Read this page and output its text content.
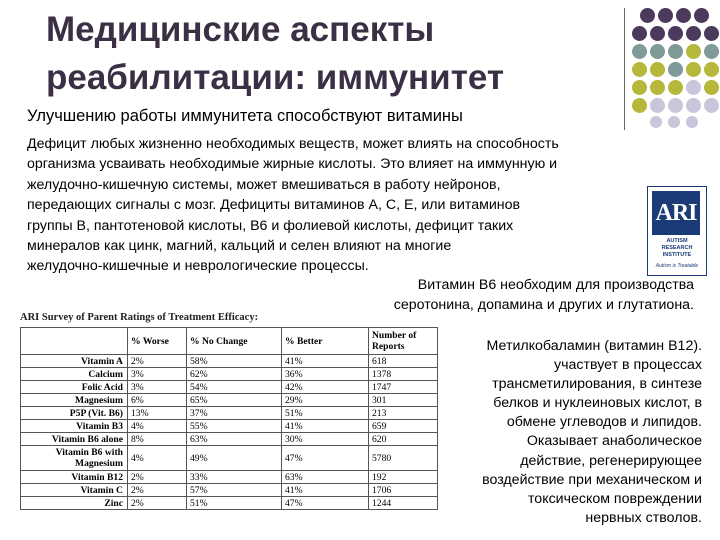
Медицинские аспекты
реабилитации: иммунитет
Улучшению работы иммунитета способствуют витамины
Дефицит любых жизненно необходимых веществ, может влиять на способность
организма усваивать необходимые жирные кислоты. Это влияет на иммунную и
желудочно-кишечную системы, может вмешиваться в работу нейронов,
передающих сигналы с мозг. Дефициты витаминов А, С, Е, или витаминов
группы В, пантотеновой кислоты, В6 и фолиевой кислоты, дефицит таких
минералов как цинк, магний, кальций и селен влияют на многие
желудочно-кишечные и неврологические процессы.
ARI
AUTISM
RESEARCH
INSTITUTE
Autism is Treatable
Витамин В6 необходим для производства
серотонина, допамина и других и глутатиона.
ARI Survey of Parent Ratings of Treatment Efficacy:
	% Worse	% No Change	% Better	Number of Reports
Vitamin A	2%	58%	41%	618
Calcium	3%	62%	36%	1378
Folic Acid	3%	54%	42%	1747
Magnesium	6%	65%	29%	301
P5P (Vit. B6)	13%	37%	51%	213
Vitamin B3	4%	55%	41%	659
Vitamin B6 alone	8%	63%	30%	620
Vitamin B6 with Magnesium	4%	49%	47%	5780
Vitamin B12	2%	33%	63%	192
Vitamin C	2%	57%	41%	1706
Zinc	2%	51%	47%	1244
Метилкобаламин (витамин В12).
участвует в процессах
трансметилирования, в синтезе
белков и нуклеиновых кислот, в
обмене углеводов и липидов.
Оказывает анаболическое
действие, регенерирующее
воздействие при механическом и
токсическом повреждении
нервных стволов.
